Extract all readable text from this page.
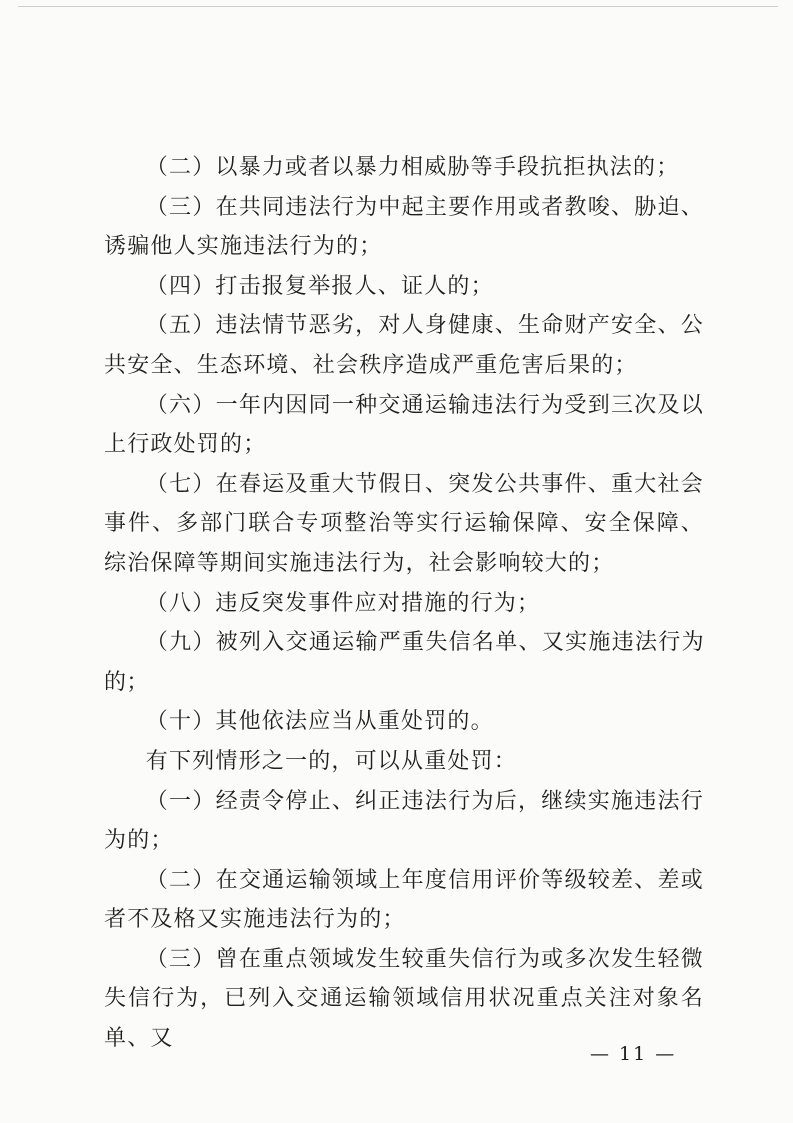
（二）以暴力或者以暴力相威胁等手段抗拒执法的；

（三）在共同违法行为中起主要作用或者教唆、胁迫、诱骗他人实施违法行为的；

（四）打击报复举报人、证人的；

（五）违法情节恶劣，对人身健康、生命财产安全、公共安全、生态环境、社会秩序造成严重危害后果的；

（六）一年内因同一种交通运输违法行为受到三次及以上行政处罚的；

（七）在春运及重大节假日、突发公共事件、重大社会事件、多部门联合专项整治等实行运输保障、安全保障、综治保障等期间实施违法行为，社会影响较大的；

（八）违反突发事件应对措施的行为；

（九）被列入交通运输严重失信名单、又实施违法行为的；

（十）其他依法应当从重处罚的。

有下列情形之一的，可以从重处罚：

（一）经责令停止、纠正违法行为后，继续实施违法行为的；

（二）在交通运输领域上年度信用评价等级较差、差或者不及格又实施违法行为的；

（三）曾在重点领域发生较重失信行为或多次发生轻微失信行为，已列入交通运输领域信用状况重点关注对象名单、又

— 11 —
